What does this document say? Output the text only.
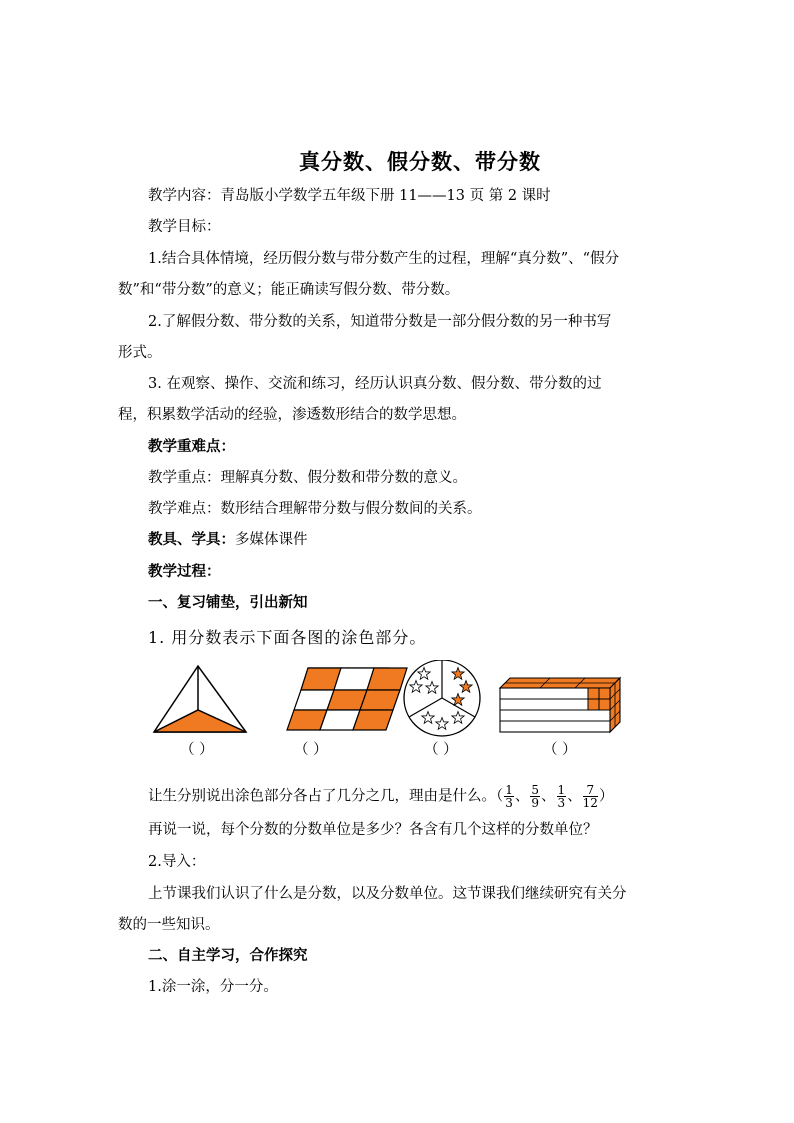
真分数、假分数、带分数
教学内容：青岛版小学数学五年级下册 11——13 页 第 2 课时
教学目标：
1.结合具体情境，经历假分数与带分数产生的过程，理解“真分数”、“假分
数”和“带分数”的意义；能正确读写假分数、带分数。
2.了解假分数、带分数的关系，知道带分数是一部分假分数的另一种书写
形式。
3. 在观察、操作、交流和练习，经历认识真分数、假分数、带分数的过
程，积累数学活动的经验，渗透数形结合的数学思想。
教学重难点：
教学重点：理解真分数、假分数和带分数的意义。
教学难点：数形结合理解带分数与假分数间的关系。
教具、学具：多媒体课件
教学过程：
一、复习铺垫，引出新知
1. 用分数表示下面各图的涂色部分。
（ ）	（ ）	（ ）	（ ）
让生分别说出涂色部分各占了几分之几，理由是什么。（ $\frac{1}{3}$ 、 $\frac{5}{9}$ 、 $\frac{1}{3}$ 、 $\frac{7}{12}$ ）
再说一说，每个分数的分数单位是多少？各含有几个这样的分数单位？
2.导入：
上节课我们认识了什么是分数，以及分数单位。这节课我们继续研究有关分
数的一些知识。
二、自主学习，合作探究
1.涂一涂，分一分。
